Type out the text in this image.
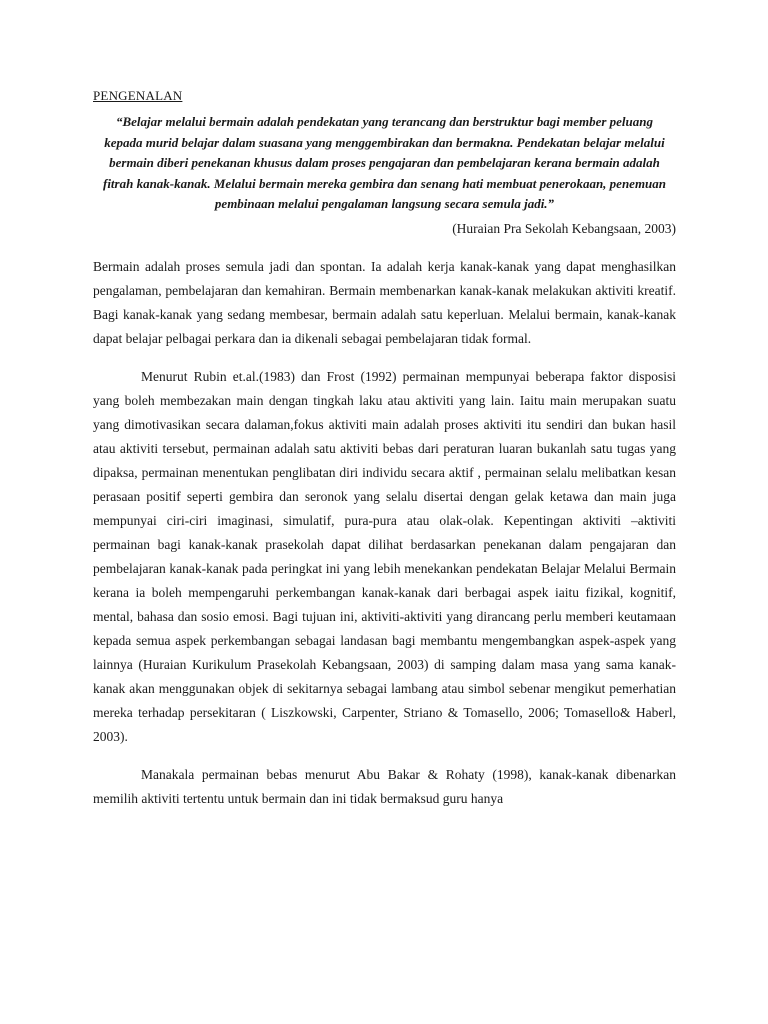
PENGENALAN

“Belajar melalui bermain adalah pendekatan yang terancang dan berstruktur bagi member peluang kepada murid belajar dalam suasana yang menggembirakan dan bermakna. Pendekatan belajar melalui bermain diberi penekanan khusus dalam proses pengajaran dan pembelajaran kerana bermain adalah fitrah kanak-kanak. Melalui bermain mereka gembira dan senang hati membuat penerokaan, penemuan pembinaan melalui pengalaman langsung secara semula jadi.”

(Huraian Pra Sekolah Kebangsaan, 2003)

Bermain adalah proses semula jadi dan spontan. Ia adalah kerja kanak-kanak yang dapat menghasilkan pengalaman, pembelajaran dan kemahiran. Bermain membenarkan kanak-kanak melakukan aktiviti kreatif. Bagi kanak-kanak yang sedang membesar, bermain adalah satu keperluan. Melalui bermain, kanak-kanak dapat belajar pelbagai perkara dan ia dikenali sebagai pembelajaran tidak formal.

Menurut Rubin et.al.(1983) dan Frost (1992) permainan mempunyai beberapa faktor disposisi yang boleh membezakan main dengan tingkah laku atau aktiviti yang lain. Iaitu main merupakan suatu yang dimotivasikan secara dalaman,fokus aktiviti main adalah proses aktiviti itu sendiri dan bukan hasil atau aktiviti tersebut, permainan adalah satu aktiviti bebas dari peraturan luaran bukanlah satu tugas yang dipaksa, permainan menentukan penglibatan diri individu secara aktif , permainan selalu melibatkan kesan perasaan positif seperti gembira dan seronok yang selalu disertai dengan gelak ketawa dan main juga mempunyai ciri-ciri imaginasi, simulatif, pura-pura atau olak-olak. Kepentingan aktiviti –aktiviti permainan bagi kanak-kanak prasekolah dapat dilihat berdasarkan penekanan dalam pengajaran dan pembelajaran kanak-kanak pada peringkat ini yang lebih menekankan pendekatan Belajar Melalui Bermain kerana ia boleh mempengaruhi perkembangan kanak-kanak dari berbagai aspek iaitu fizikal, kognitif, mental, bahasa dan sosio emosi. Bagi tujuan ini, aktiviti-aktiviti yang dirancang perlu memberi keutamaan kepada semua aspek perkembangan sebagai landasan bagi membantu mengembangkan aspek-aspek yang lainnya (Huraian Kurikulum Prasekolah Kebangsaan, 2003) di samping dalam masa yang sama kanak-kanak akan menggunakan objek di sekitarnya sebagai lambang atau simbol sebenar mengikut pemerhatian mereka terhadap persekitaran ( Liszkowski, Carpenter, Striano & Tomasello, 2006; Tomasello& Haberl, 2003).

Manakala permainan bebas menurut Abu Bakar & Rohaty (1998), kanak-kanak dibenarkan memilih aktiviti tertentu untuk bermain dan ini tidak bermaksud guru hanya
